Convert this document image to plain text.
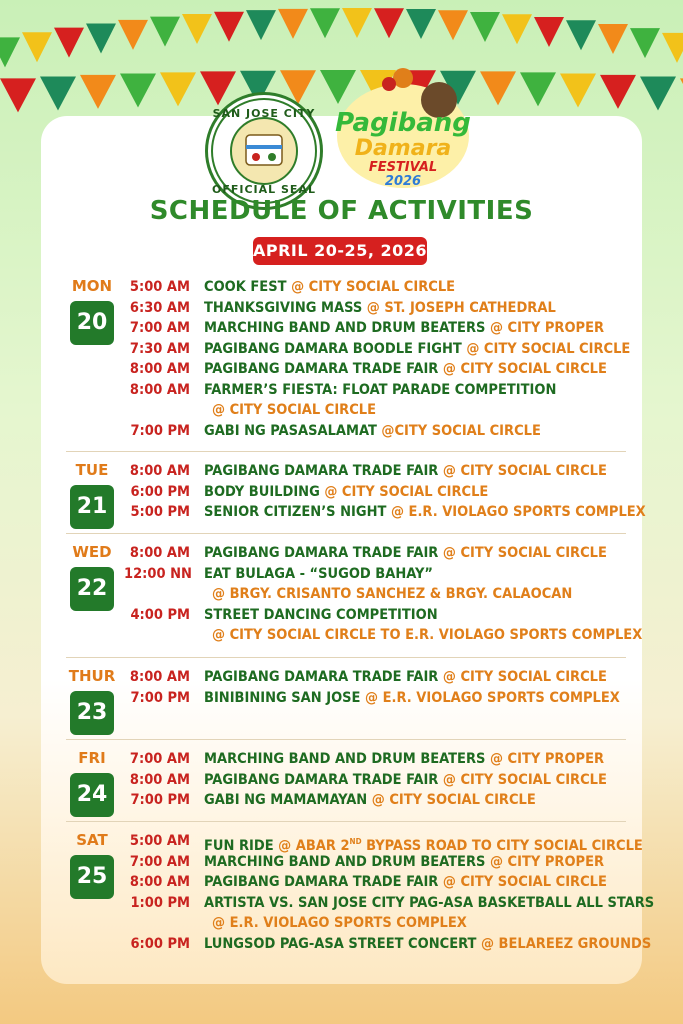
SAN JOSE CITY
OFFICIAL SEAL
Pagibang
Damara
FESTIVAL
2026
SCHEDULE OF ACTIVITIES
APRIL 20-25, 2026
MON
20
5:00 AM COOK FEST @ CITY SOCIAL CIRCLE
6:30 AM THANKSGIVING MASS @ ST. JOSEPH CATHEDRAL
7:00 AM MARCHING BAND AND DRUM BEATERS @ CITY PROPER
7:30 AM PAGIBANG DAMARA BOODLE FIGHT @ CITY SOCIAL CIRCLE
8:00 AM PAGIBANG DAMARA TRADE FAIR @ CITY SOCIAL CIRCLE
8:00 AM FARMER’S FIESTA: FLOAT PARADE COMPETITION
@ CITY SOCIAL CIRCLE
7:00 PM GABI NG PASASALAMAT @CITY SOCIAL CIRCLE
TUE
21
8:00 AM PAGIBANG DAMARA TRADE FAIR @ CITY SOCIAL CIRCLE
6:00 PM BODY BUILDING @ CITY SOCIAL CIRCLE
5:00 PM SENIOR CITIZEN’S NIGHT @ E.R. VIOLAGO SPORTS COMPLEX
WED
22
8:00 AM PAGIBANG DAMARA TRADE FAIR @ CITY SOCIAL CIRCLE
12:00 NN EAT BULAGA - “SUGOD BAHAY”
@ BRGY. CRISANTO SANCHEZ & BRGY. CALAOCAN
4:00 PM STREET DANCING COMPETITION
@ CITY SOCIAL CIRCLE TO E.R. VIOLAGO SPORTS COMPLEX
THUR
23
8:00 AM PAGIBANG DAMARA TRADE FAIR @ CITY SOCIAL CIRCLE
7:00 PM BINIBINING SAN JOSE @ E.R. VIOLAGO SPORTS COMPLEX
FRI
24
7:00 AM MARCHING BAND AND DRUM BEATERS @ CITY PROPER
8:00 AM PAGIBANG DAMARA TRADE FAIR @ CITY SOCIAL CIRCLE
7:00 PM GABI NG MAMAMAYAN @ CITY SOCIAL CIRCLE
SAT
25
5:00 AM FUN RIDE @ ABAR 2ND BYPASS ROAD TO CITY SOCIAL CIRCLE
7:00 AM MARCHING BAND AND DRUM BEATERS @ CITY PROPER
8:00 AM PAGIBANG DAMARA TRADE FAIR @ CITY SOCIAL CIRCLE
1:00 PM ARTISTA VS. SAN JOSE CITY PAG-ASA BASKETBALL ALL STARS
@ E.R. VIOLAGO SPORTS COMPLEX
6:00 PM LUNGSOD PAG-ASA STREET CONCERT @ BELAREEZ GROUNDS
